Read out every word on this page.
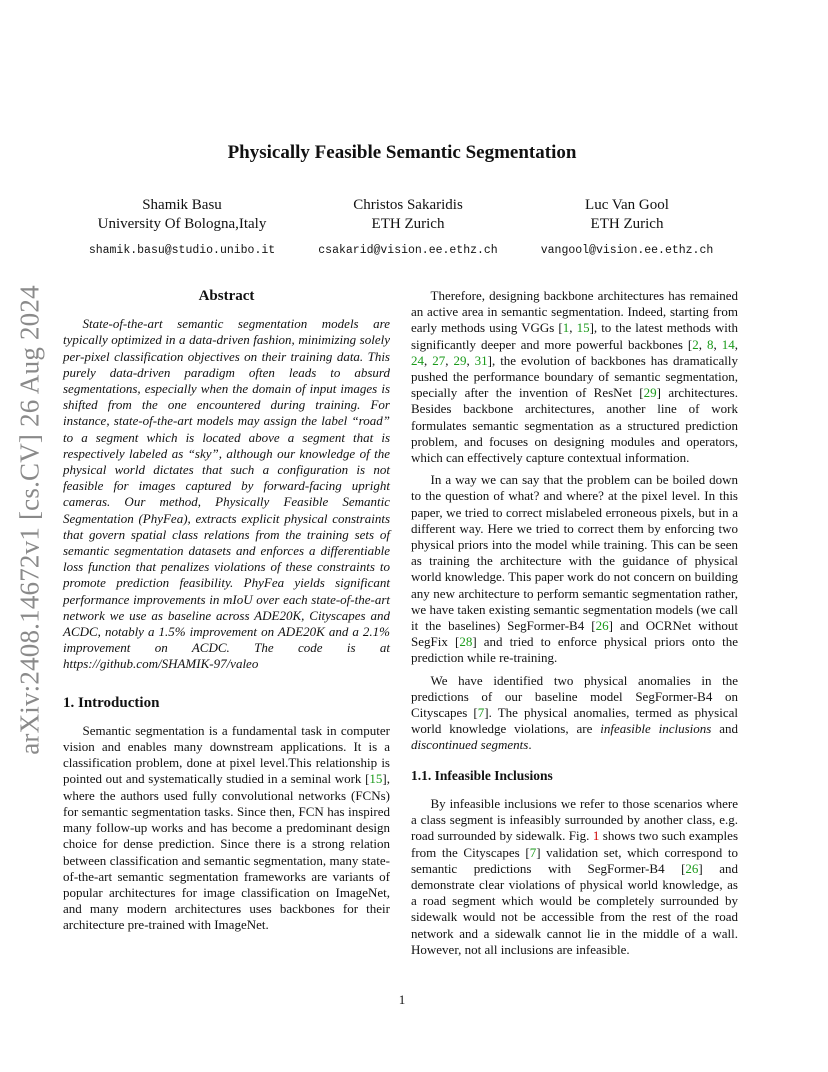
arXiv:2408.14672v1 [cs.CV] 26 Aug 2024
Physically Feasible Semantic Segmentation
Shamik Basu
University Of Bologna,Italy
shamik.basu@studio.unibo.it
Christos Sakaridis
ETH Zurich
csakarid@vision.ee.ethz.ch
Luc Van Gool
ETH Zurich
vangool@vision.ee.ethz.ch
Abstract
State-of-the-art semantic segmentation models are typically optimized in a data-driven fashion, minimizing solely per-pixel classification objectives on their training data. This purely data-driven paradigm often leads to absurd segmentations, especially when the domain of input images is shifted from the one encountered during training. For instance, state-of-the-art models may assign the label “road” to a segment which is located above a segment that is respectively labeled as “sky”, although our knowledge of the physical world dictates that such a configuration is not feasible for images captured by forward-facing upright cameras. Our method, Physically Feasible Semantic Segmentation (PhyFea), extracts explicit physical constraints that govern spatial class relations from the training sets of semantic segmentation datasets and enforces a differentiable loss function that penalizes violations of these constraints to promote prediction feasibility. PhyFea yields significant performance improvements in mIoU over each state-of-the-art network we use as baseline across ADE20K, Cityscapes and ACDC, notably a 1.5% improvement on ADE20K and a 2.1% improvement on ACDC. The code is at https://github.com/SHAMIK-97/valeo
1. Introduction

Semantic segmentation is a fundamental task in computer vision and enables many downstream applications. It is a classification problem, done at pixel level.This relationship is pointed out and systematically studied in a seminal work [15], where the authors used fully convolutional networks (FCNs) for semantic segmentation tasks. Since then, FCN has inspired many follow-up works and has become a predominant design choice for dense prediction. Since there is a strong relation between classification and semantic segmentation, many state-of-the-art semantic segmentation frameworks are variants of popular architectures for image classification on ImageNet, and many modern architectures uses backbones for their architecture pre-trained with ImageNet.

Therefore, designing backbone architectures has remained an active area in semantic segmentation. Indeed, starting from early methods using VGGs [1, 15], to the latest methods with significantly deeper and more powerful backbones [2, 8, 14, 24, 27, 29, 31], the evolution of backbones has dramatically pushed the performance boundary of semantic segmentation, specially after the invention of ResNet [29] architectures. Besides backbone architectures, another line of work formulates semantic segmentation as a structured prediction problem, and focuses on designing modules and operators, which can effectively capture contextual information.

In a way we can say that the problem can be boiled down to the question of what? and where? at the pixel level. In this paper, we tried to correct mislabeled erroneous pixels, but in a different way. Here we tried to correct them by enforcing two physical priors into the model while training. This can be seen as training the architecture with the guidance of physical world knowledge. This paper work do not concern on building any new architecture to perform semantic segmentation rather, we have taken existing semantic segmentation models (we call it the baselines) SegFormer-B4 [26] and OCRNet without SegFix [28] and tried to enforce physical priors onto the prediction while re-training.

We have identified two physical anomalies in the predictions of our baseline model SegFormer-B4 on Cityscapes [7]. The physical anomalies, termed as physical world knowledge violations, are infeasible inclusions and discontinued segments.

1.1. Infeasible Inclusions

By infeasible inclusions we refer to those scenarios where a class segment is infeasibly surrounded by another class, e.g. road surrounded by sidewalk. Fig. 1 shows two such examples from the Cityscapes [7] validation set, which correspond to semantic predictions with SegFormer-B4 [26] and demonstrate clear violations of physical world knowledge, as a road segment which would be completely surrounded by sidewalk would not be accessible from the rest of the road network and a sidewalk cannot lie in the middle of a wall. However, not all inclusions are infeasible.

1
